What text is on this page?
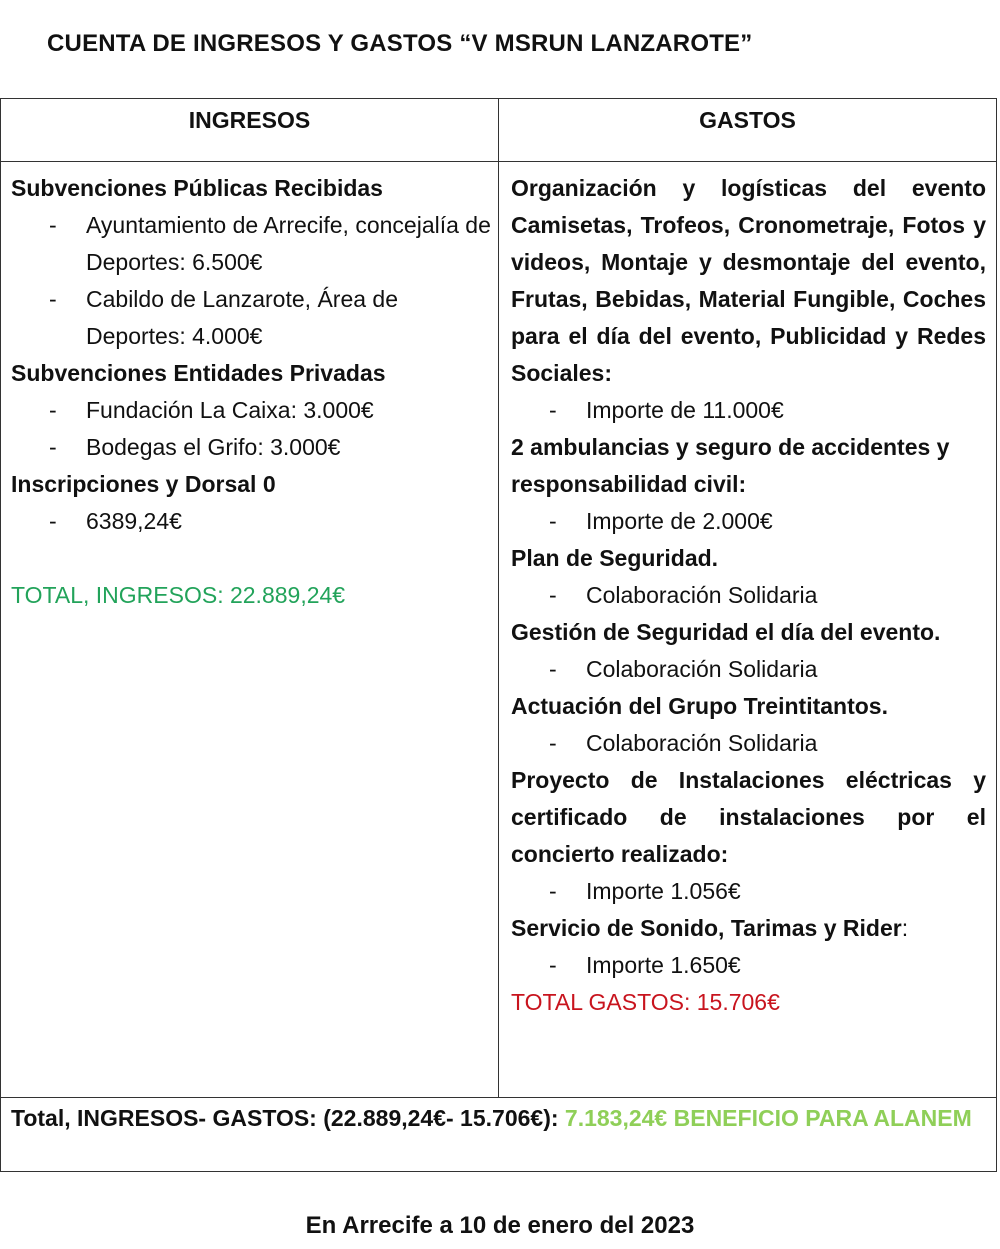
CUENTA DE INGRESOS Y GASTOS “V MSRUN LANZAROTE”
INGRESOS	GASTOS
Subvenciones Públicas Recibidas
- Ayuntamiento de Arrecife, concejalía de Deportes: 6.500€
- Cabildo de Lanzarote, Área de Deportes: 4.000€
Subvenciones Entidades Privadas
- Fundación La Caixa: 3.000€
- Bodegas el Grifo: 3.000€
Inscripciones y Dorsal 0
- 6389,24€
TOTAL, INGRESOS: 22.889,24€
Organización y logísticas del evento Camisetas, Trofeos, Cronometraje, Fotos y videos, Montaje y desmontaje del evento, Frutas, Bebidas, Material Fungible, Coches para el día del evento, Publicidad y Redes Sociales:
- Importe de 11.000€
2 ambulancias y seguro de accidentes y responsabilidad civil:
- Importe de 2.000€
Plan de Seguridad.
- Colaboración Solidaria
Gestión de Seguridad el día del evento.
- Colaboración Solidaria
Actuación del Grupo Treintitantos.
- Colaboración Solidaria
Proyecto de Instalaciones eléctricas y certificado de instalaciones por el concierto realizado:
- Importe 1.056€
Servicio de Sonido, Tarimas y Rider:
- Importe 1.650€
TOTAL GASTOS: 15.706€
Total, INGRESOS- GASTOS: (22.889,24€- 15.706€): 7.183,24€ BENEFICIO PARA ALANEM
En Arrecife a 10 de enero del 2023
